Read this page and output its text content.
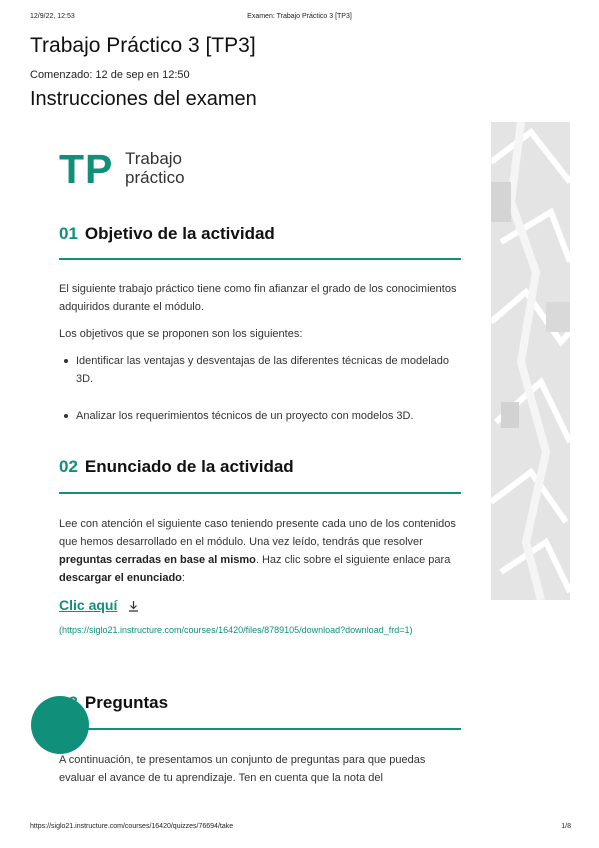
12/9/22, 12:53	Examen: Trabajo Práctico 3 [TP3]
Trabajo Práctico 3 [TP3]
Comenzado: 12 de sep en 12:50
Instrucciones del examen
TP Trabajo
práctico
01 Objetivo de la actividad

El siguiente trabajo práctico tiene como fin afianzar el grado de los conocimientos adquiridos durante el módulo.

Los objetivos que se proponen son los siguientes:

Identificar las ventajas y desventajas de las diferentes técnicas de modelado 3D.
Analizar los requerimientos técnicos de un proyecto con modelos 3D.
02 Enunciado de la actividad

Lee con atención el siguiente caso teniendo presente cada uno de los contenidos que hemos desarrollado en el módulo. Una vez leído, tendrás que resolver preguntas cerradas en base al mismo. Haz clic sobre el siguiente enlace para descargar el enunciado:

Clic aquí
(https://siglo21.instructure.com/courses/16420/files/8789105/download?download_frd=1)
Preguntas

A continuación, te presentamos un conjunto de preguntas para que puedas evaluar el avance de tu aprendizaje. Ten en cuenta que la nota del

https://siglo21.instructure.com/courses/16420/quizzes/76694/take	1/8
